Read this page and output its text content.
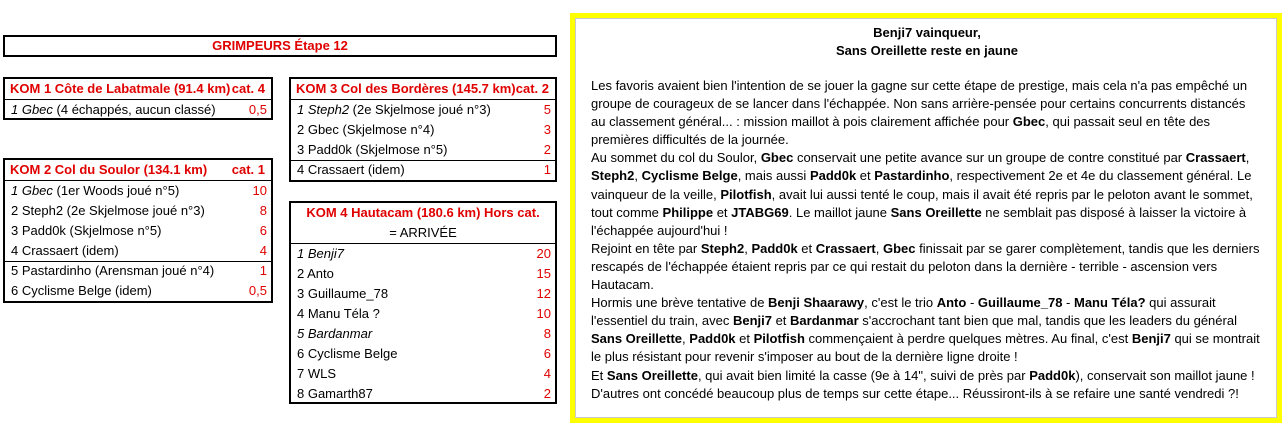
GRIMPEURS Étape 12
KOM 1 Côte de Labatmale (91.4 km) cat. 4
1 Gbec (4 échappés, aucun classé)	0,5
KOM 2 Col du Soulor (134.1 km) cat. 1
1 Gbec (1er Woods joué n°5)	10
2 Steph2 (2e Skjelmose joué n°3)	8
3 Padd0k (Skjelmose n°5)	6
4 Crassaert (idem)	4
5 Pastardinho (Arensman joué n°4)	1
6 Cyclisme Belge (idem)	0,5
KOM 3 Col des Bordères (145.7 km) cat. 2
1 Steph2 (2e Skjelmose joué n°3)	5
2 Gbec (Skjelmose n°4)	3
3 Padd0k (Skjelmose n°5)	2
4 Crassaert (idem)	1
KOM 4 Hautacam (180.6 km) Hors cat.
= ARRIVÉE
1 Benji7	20
2 Anto	15
3 Guillaume_78	12
4 Manu Téla ?	10
5 Bardanmar	8
6 Cyclisme Belge	6
7 WLS	4
8 Gamarth87	2
Benji7 vainqueur,
Sans Oreillette reste en jaune

Les favoris avaient bien l'intention de se jouer la gagne sur cette étape de prestige, mais cela n'a pas empêché un groupe de courageux de se lancer dans l'échappée. Non sans arrière-pensée pour certains concurrents distancés au classement général... : mission maillot à pois clairement affichée pour Gbec, qui passait seul en tête des premières difficultés de la journée.

Au sommet du col du Soulor, Gbec conservait une petite avance sur un groupe de contre constitué par Crassaert, Steph2, Cyclisme Belge, mais aussi Padd0k et Pastardinho, respectivement 2e et 4e du classement général. Le vainqueur de la veille, Pilotfish, avait lui aussi tenté le coup, mais il avait été repris par le peloton avant le sommet, tout comme Philippe et JTABG69. Le maillot jaune Sans Oreillette ne semblait pas disposé à laisser la victoire à l'échappée aujourd'hui !

Rejoint en tête par Steph2, Padd0k et Crassaert, Gbec finissait par se garer complètement, tandis que les derniers rescapés de l'échappée étaient repris par ce qui restait du peloton dans la dernière - terrible - ascension vers Hautacam.

Hormis une brève tentative de Benji Shaarawy, c'est le trio Anto - Guillaume_78 - Manu Téla? qui assurait l'essentiel du train, avec Benji7 et Bardanmar s'accrochant tant bien que mal, tandis que les leaders du général Sans Oreillette, Padd0k et Pilotfish commençaient à perdre quelques mètres. Au final, c'est Benji7 qui se montrait le plus résistant pour revenir s'imposer au bout de la dernière ligne droite !

Et Sans Oreillette, qui avait bien limité la casse (9e à 14", suivi de près par Padd0k), conservait son maillot jaune ! D'autres ont concédé beaucoup plus de temps sur cette étape... Réussiront-ils à se refaire une santé vendredi ?!
